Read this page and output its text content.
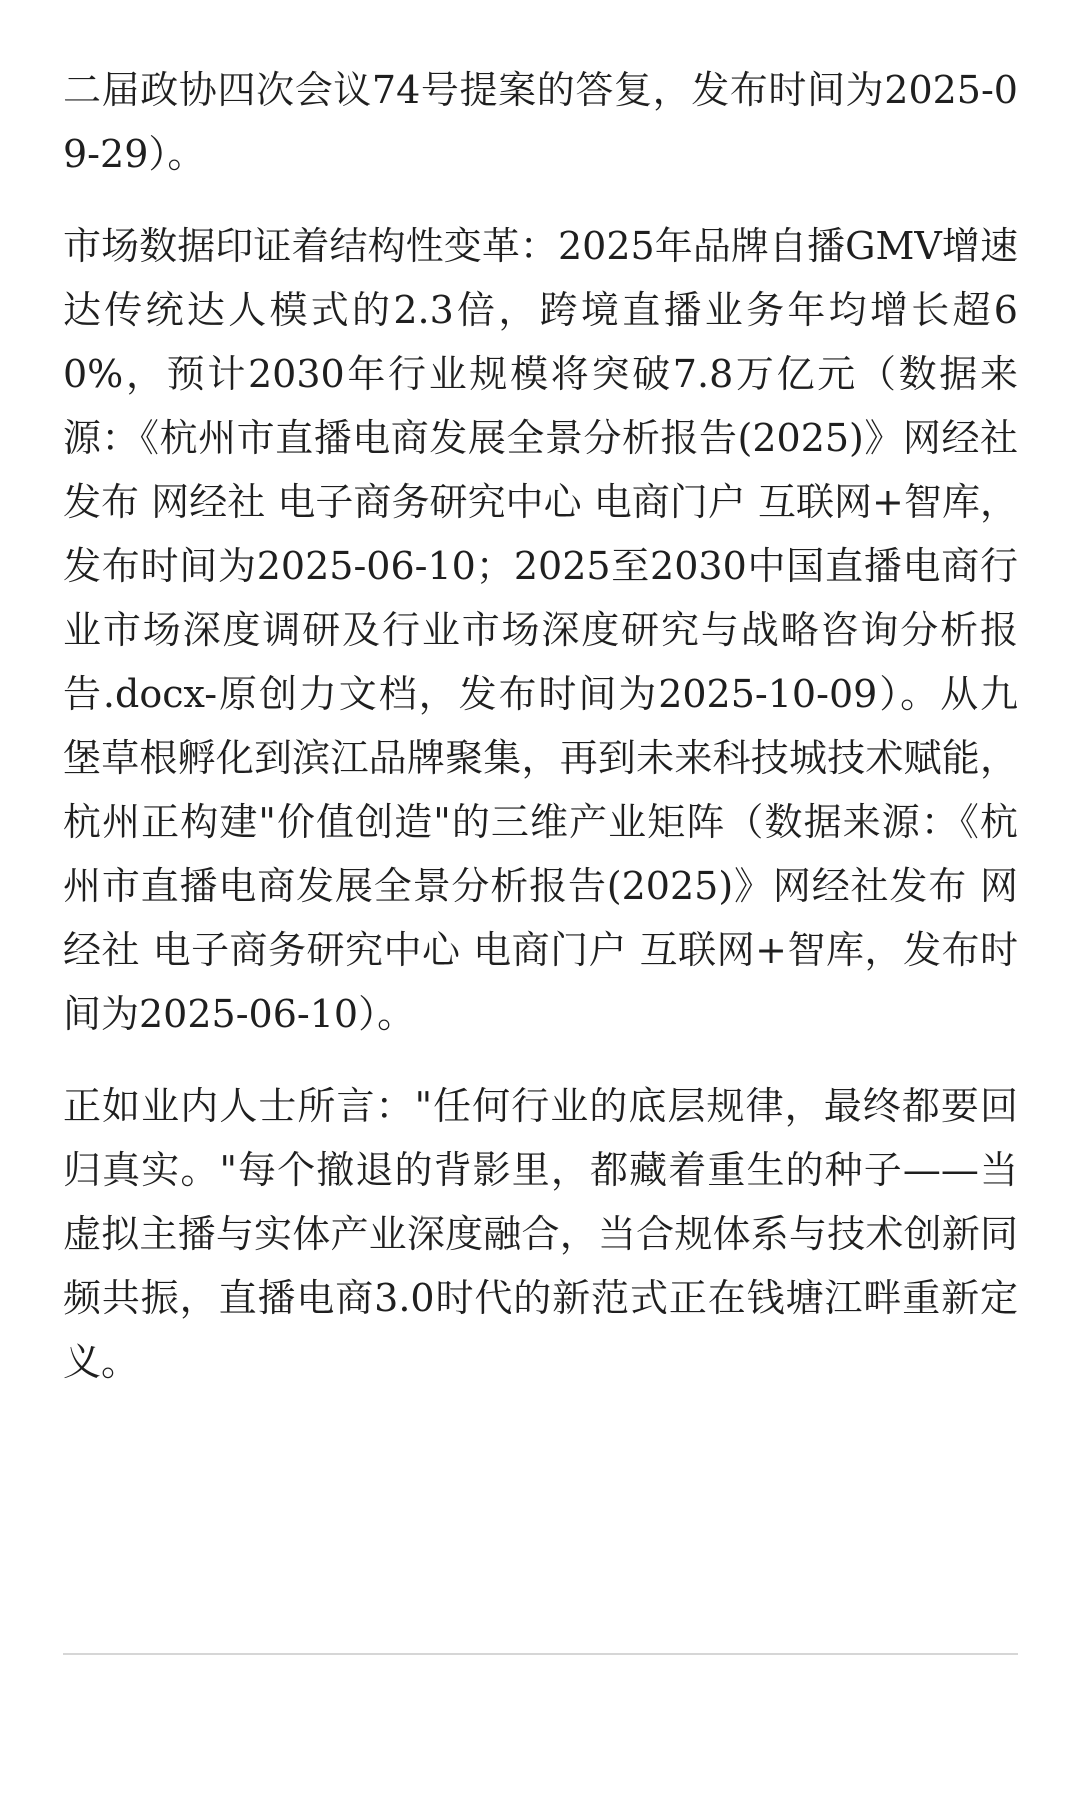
二届政协四次会议74号提案的答复，发布时间为2025-09-29）。

市场数据印证着结构性变革：2025年品牌自播GMV增速达传统达人模式的2.3倍，跨境直播业务年均增长超60%，预计2030年行业规模将突破7.8万亿元（数据来源：《杭州市直播电商发展全景分析报告(2025)》网经社发布 网经社 电子商务研究中心 电商门户 互联网+智库，发布时间为2025-06-10；2025至2030中国直播电商行业市场深度调研及行业市场深度研究与战略咨询分析报告.docx-原创力文档，发布时间为2025-10-09）。从九堡草根孵化到滨江品牌聚集，再到未来科技城技术赋能，杭州正构建"价值创造"的三维产业矩阵（数据来源：《杭州市直播电商发展全景分析报告(2025)》网经社发布 网经社 电子商务研究中心 电商门户 互联网+智库，发布时间为2025-06-10）。

正如业内人士所言："任何行业的底层规律，最终都要回归真实。"每个撤退的背影里，都藏着重生的种子——当虚拟主播与实体产业深度融合，当合规体系与技术创新同频共振，直播电商3.0时代的新范式正在钱塘江畔重新定义。
